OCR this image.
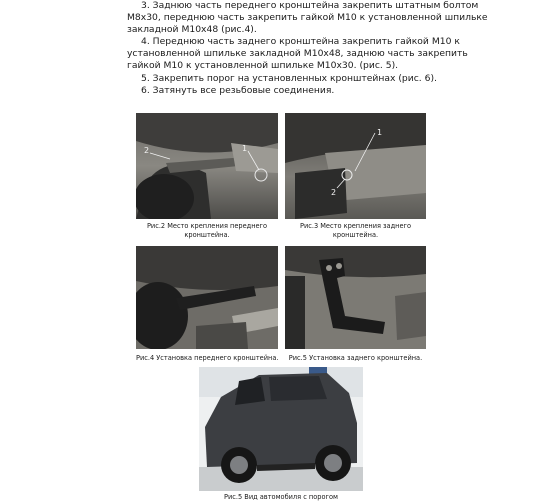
3. Заднюю часть переднего кронштейна закрепить штатным болтом
M8x30, переднюю часть закрепить гайкой M10 к установленной шпильке
закладной M10x48 (рис.4).
4. Переднюю часть заднего кронштейна закрепить гайкой M10 к
установленной шпильке закладной M10x48, заднюю часть закрепить
гайкой M10 к установленной шпильке M10x30. (рис. 5).
5. Закрепить порог на установленных кронштейнах (рис. 6).
6. Затянуть все резьбовые соединения.
2	1
Рис.2 Место крепления переднего
кронштейна.
1
2
Рис.3 Место крепления заднего
кронштейна.
Рис.4 Установка переднего кронштейна.	Рис.5 Установка заднего кронштейна.
Рис.5 Вид автомобиля с порогом
